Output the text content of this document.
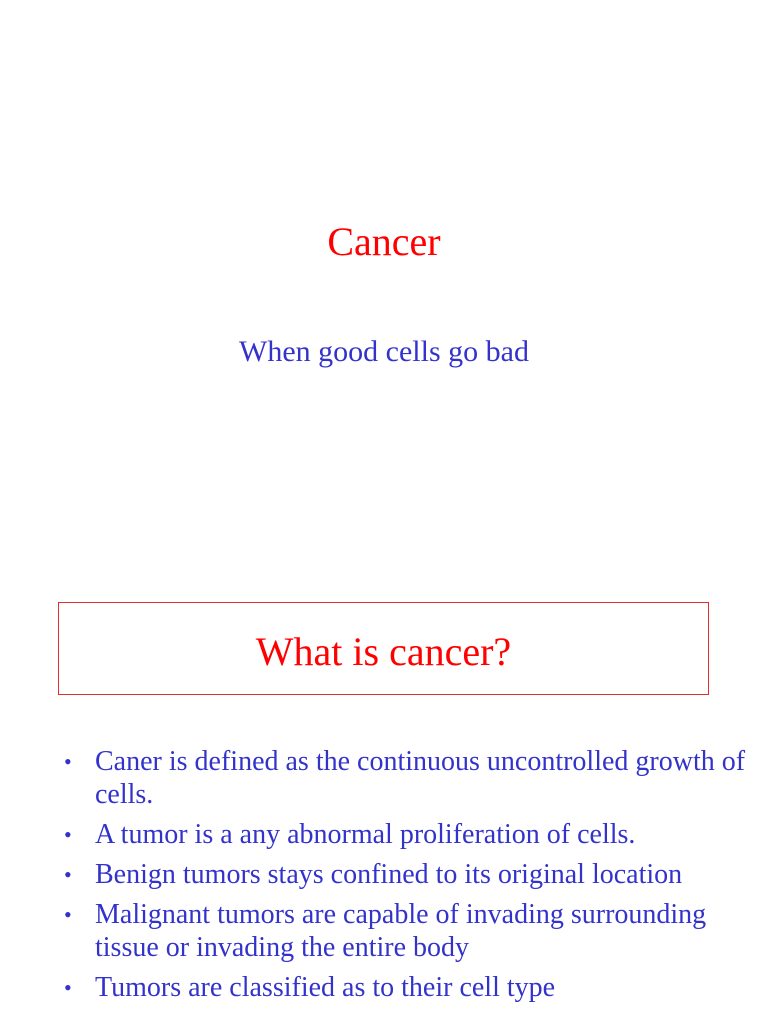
Cancer
When good cells go bad
What is cancer?
• Caner is defined as the continuous uncontrolled growth of cells.
• A tumor is a any abnormal proliferation of cells.
• Benign tumors stays confined to its original location
• Malignant tumors are capable of invading surrounding tissue or invading the entire body
• Tumors are classified as to their cell type
